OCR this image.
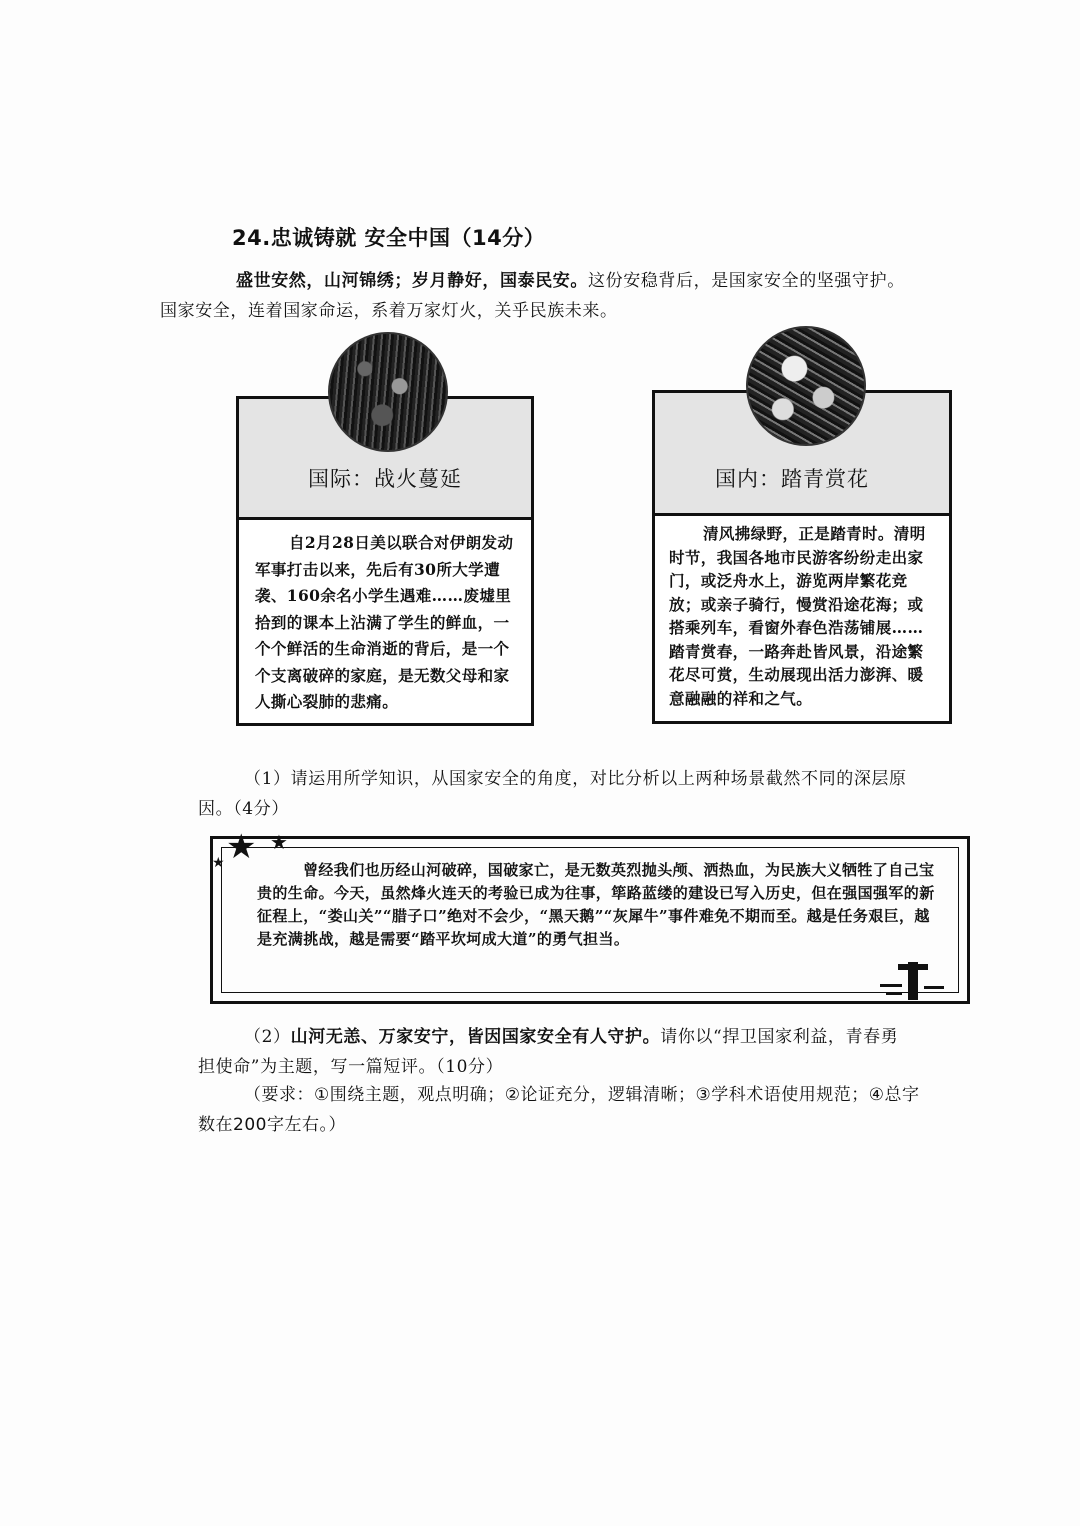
24.忠诚铸就 安全中国（14分）
盛世安然，山河锦绣；岁月静好，国泰民安。这份安稳背后，是国家安全的坚强守护。
国家安全，连着国家命运，系着万家灯火，关乎民族未来。
国际：战火蔓延
自2月28日美以联合对伊朗发动军事打击以来，先后有30所大学遭袭、160余名小学生遇难……废墟里拾到的课本上沾满了学生的鲜血，一个个鲜活的生命消逝的背后，是一个个支离破碎的家庭，是无数父母和家人撕心裂肺的悲痛。
国内：踏青赏花
清风拂绿野，正是踏青时。清明时节，我国各地市民游客纷纷走出家门，或泛舟水上，游览两岸繁花竞放；或亲子骑行，慢赏沿途花海；或搭乘列车，看窗外春色浩荡铺展……踏青赏春，一路奔赴皆风景，沿途繁花尽可赏，生动展现出活力澎湃、暖意融融的祥和之气。
（1）请运用所学知识，从国家安全的角度，对比分析以上两种场景截然不同的深层原
因。（4分）
曾经我们也历经山河破碎，国破家亡，是无数英烈抛头颅、洒热血，为民族大义牺牲了自己宝贵的生命。今天，虽然烽火连天的考验已成为往事，筚路蓝缕的建设已写入历史，但在强国强军的新征程上，“娄山关”“腊子口”绝对不会少，“黑天鹅”“灰犀牛”事件难免不期而至。越是任务艰巨，越是充满挑战，越是需要“踏平坎坷成大道”的勇气担当。
★ ★
★
（2）山河无恙、万家安宁，皆因国家安全有人守护。请你以“捍卫国家利益，青春勇
担使命”为主题，写一篇短评。（10分）
（要求：①围绕主题，观点明确；②论证充分，逻辑清晰；③学科术语使用规范；④总字
数在200字左右。）
